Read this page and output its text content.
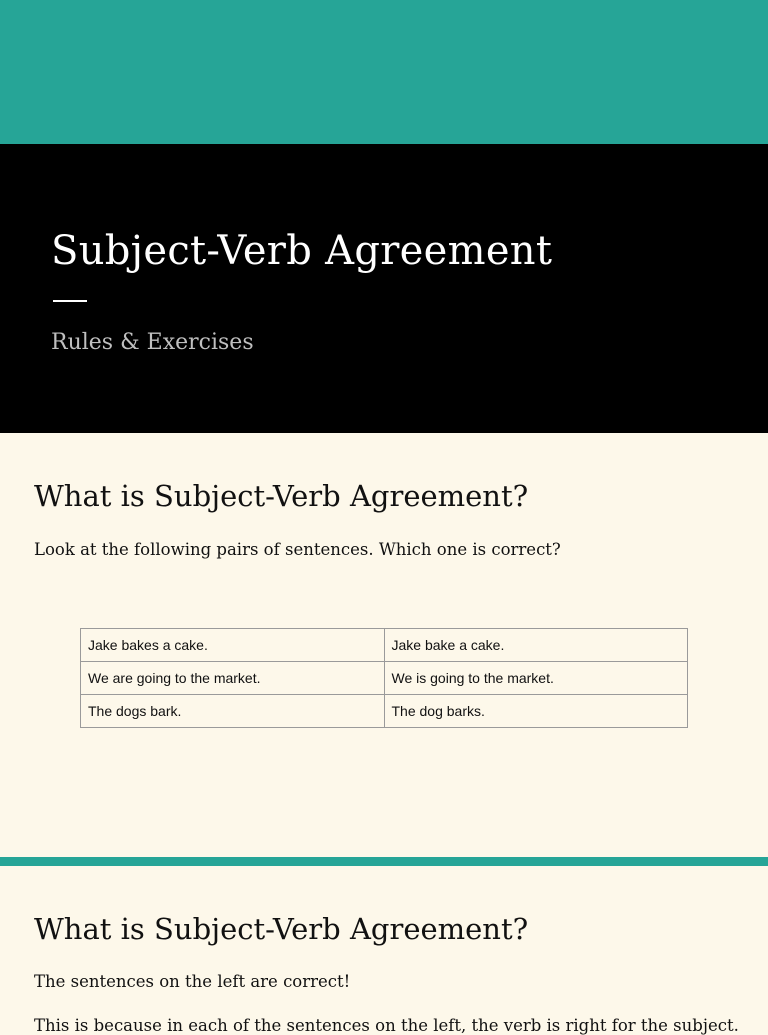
Subject-Verb Agreement

Rules & Exercises

What is Subject-Verb Agreement?

Look at the following pairs of sentences. Which one is correct?

Jake bakes a cake.	Jake bake a cake.
We are going to the market.	We is going to the market.
The dogs bark.	The dog barks.
What is Subject-Verb Agreement?

The sentences on the left are correct!

This is because in each of the sentences on the left, the verb is right for the subject.
